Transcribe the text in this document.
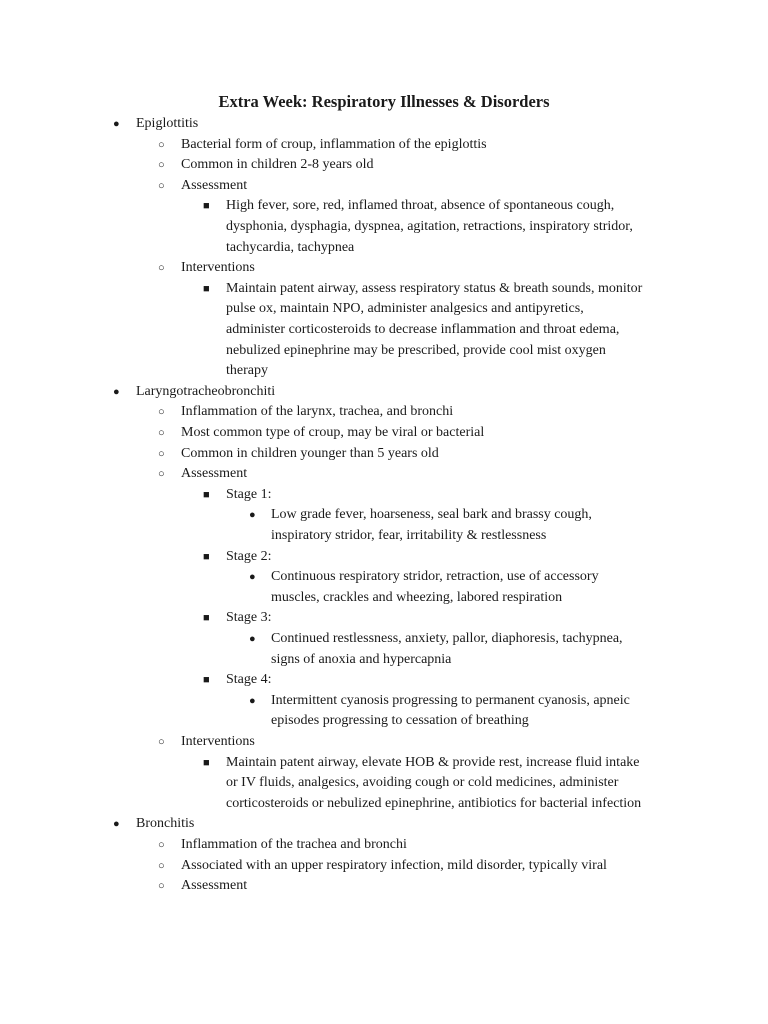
Extra Week: Respiratory Illnesses & Disorders
● Epiglottitis
○ Bacterial form of croup, inflammation of the epiglottis
○ Common in children 2-8 years old
○ Assessment
■ High fever, sore, red, inflamed throat, absence of spontaneous cough,
dysphonia, dysphagia, dyspnea, agitation, retractions, inspiratory stridor,
tachycardia, tachypnea
○ Interventions
■ Maintain patent airway, assess respiratory status & breath sounds, monitor
pulse ox, maintain NPO, administer analgesics and antipyretics,
administer corticosteroids to decrease inflammation and throat edema,
nebulized epinephrine may be prescribed, provide cool mist oxygen
therapy
● Laryngotracheobronchiti
○ Inflammation of the larynx, trachea, and bronchi
○ Most common type of croup, may be viral or bacterial
○ Common in children younger than 5 years old
○ Assessment
■ Stage 1:
● Low grade fever, hoarseness, seal bark and brassy cough,
inspiratory stridor, fear, irritability & restlessness
■ Stage 2:
● Continuous respiratory stridor, retraction, use of accessory
muscles, crackles and wheezing, labored respiration
■ Stage 3:
● Continued restlessness, anxiety, pallor, diaphoresis, tachypnea,
signs of anoxia and hypercapnia
■ Stage 4:
● Intermittent cyanosis progressing to permanent cyanosis, apneic
episodes progressing to cessation of breathing
○ Interventions
■ Maintain patent airway, elevate HOB & provide rest, increase fluid intake
or IV fluids, analgesics, avoiding cough or cold medicines, administer
corticosteroids or nebulized epinephrine, antibiotics for bacterial infection
● Bronchitis
○ Inflammation of the trachea and bronchi
○ Associated with an upper respiratory infection, mild disorder, typically viral
○ Assessment
